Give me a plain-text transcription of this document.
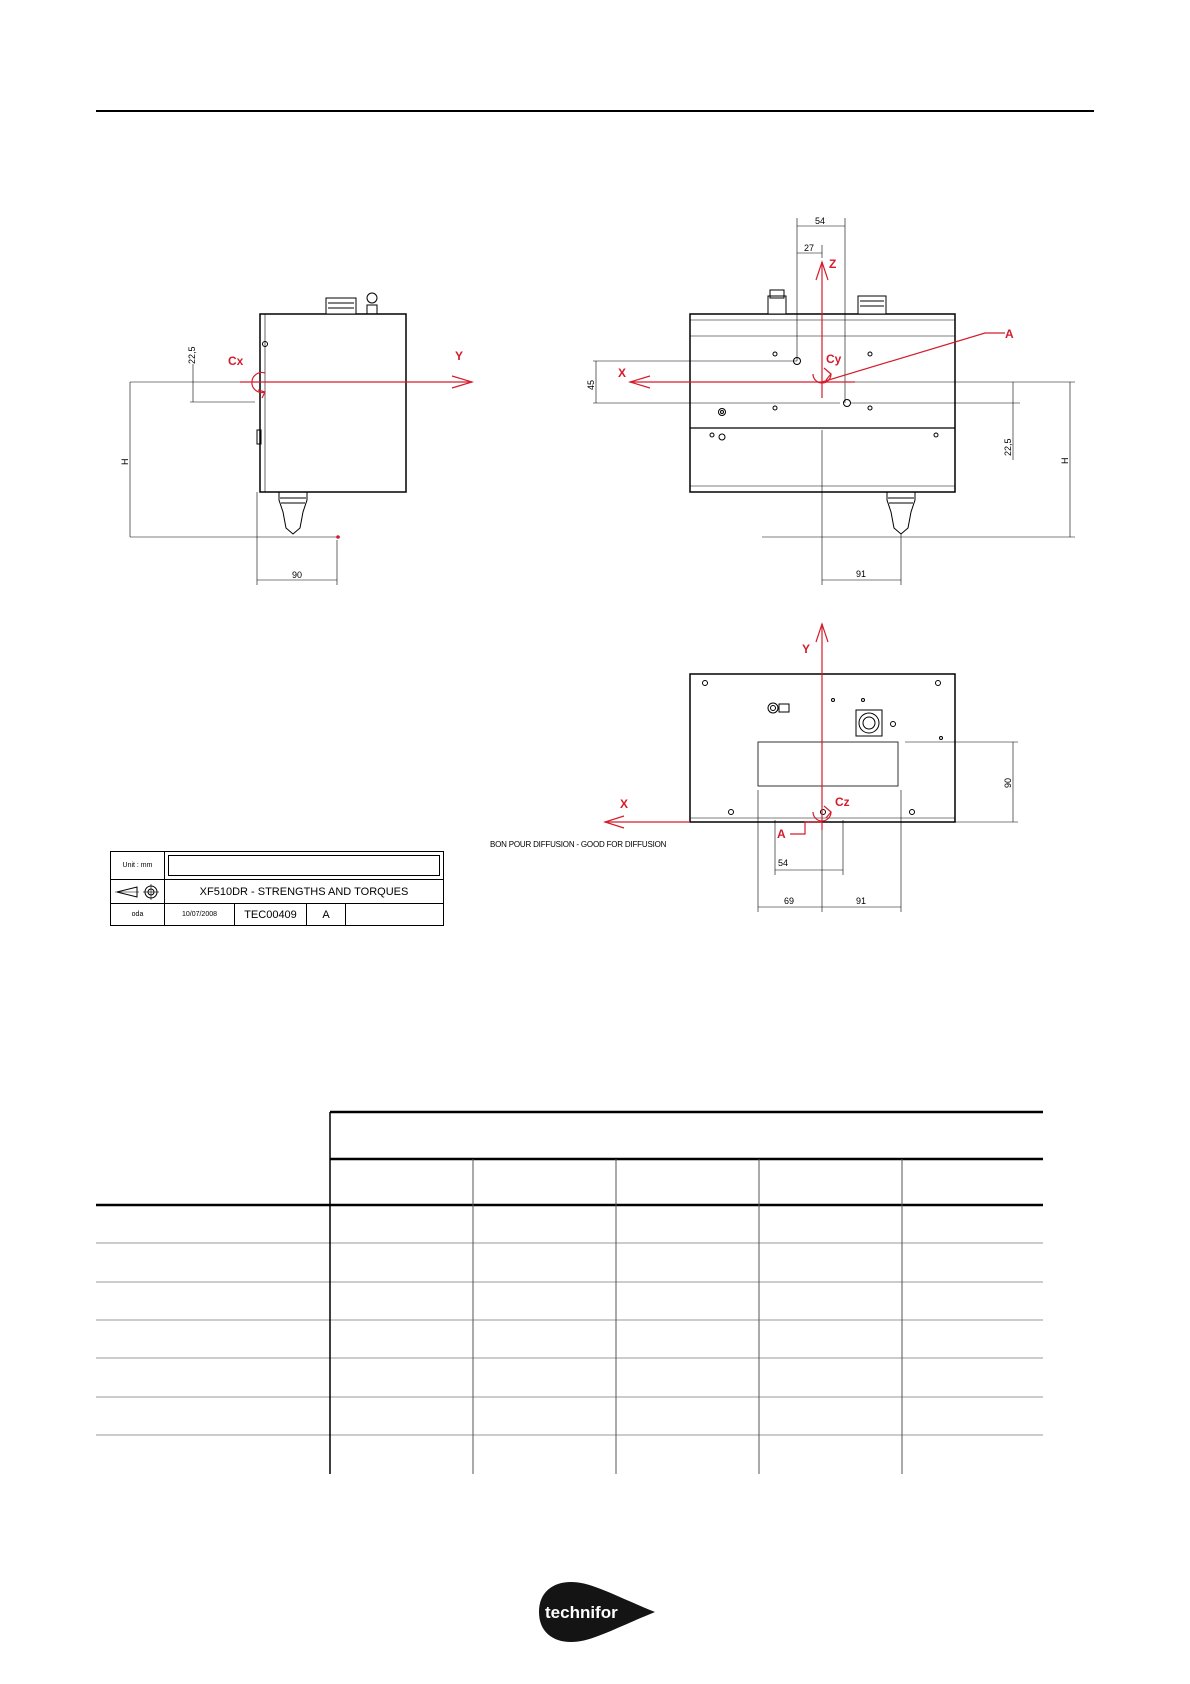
Cx	Y
22,5
H
90
Z
X
Cy
A
54
27
45
22,5
H
91
Y
X	Cz
A
90
54
69	91
BON POUR DIFFUSION - GOOD FOR DIFFUSION
Unit : mm
XF510DR - STRENGTHS AND TORQUES
oda	10/07/2008	TEC00409	A
technifor
